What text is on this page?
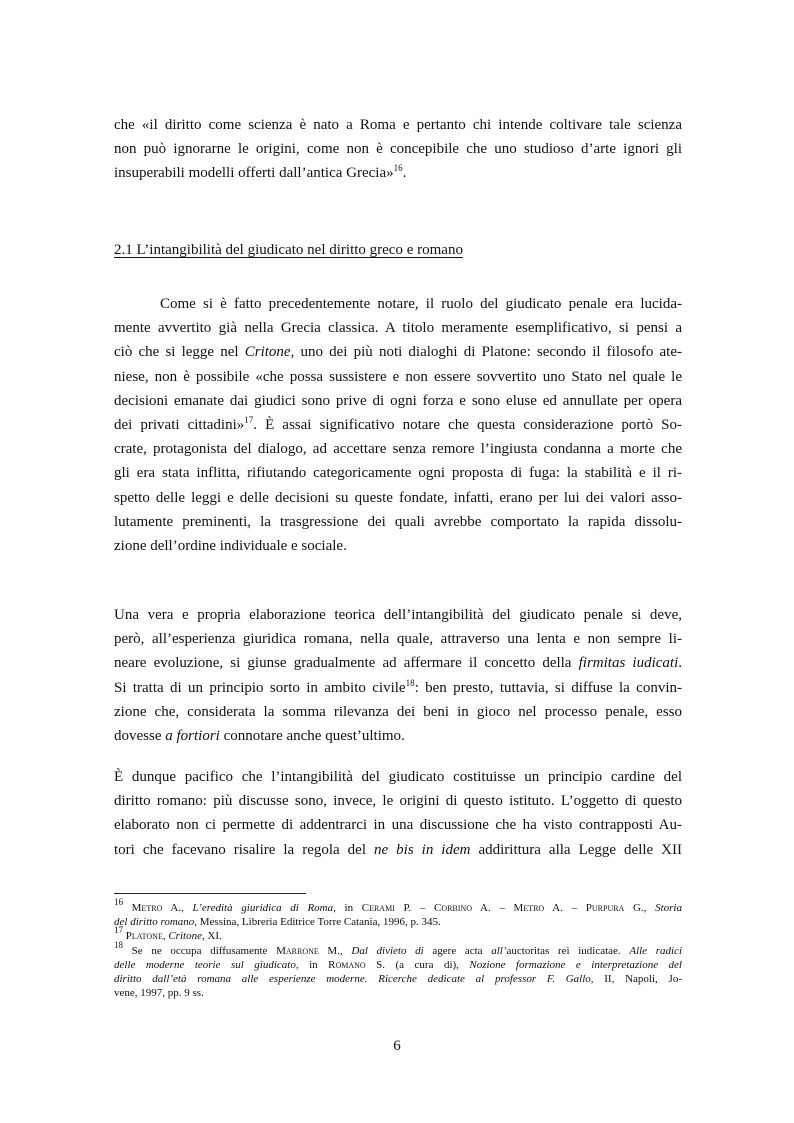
che «il diritto come scienza è nato a Roma e pertanto chi intende coltivare tale scienza
non può ignorarne le origini, come non è concepibile che uno studioso d’arte ignori gli
insuperabili modelli offerti dall’antica Grecia»$^{16}$.
2.1 L’intangibilità del giudicato nel diritto greco e romano
Come si è fatto precedentemente notare, il ruolo del giudicato penale era lucida-
mente avvertito già nella Grecia classica. A titolo meramente esemplificativo, si pensi a
ciò che si legge nel Critone, uno dei più noti dialoghi di Platone: secondo il filosofo ate-
niese, non è possibile «che possa sussistere e non essere sovvertito uno Stato nel quale le
decisioni emanate dai giudici sono prive di ogni forza e sono eluse ed annullate per opera
dei privati cittadini»$^{17}$. È assai significativo notare che questa considerazione portò So-
crate, protagonista del dialogo, ad accettare senza remore l’ingiusta condanna a morte che
gli era stata inflitta, rifiutando categoricamente ogni proposta di fuga: la stabilità e il ri-
spetto delle leggi e delle decisioni su queste fondate, infatti, erano per lui dei valori asso-
lutamente preminenti, la trasgressione dei quali avrebbe comportato la rapida dissolu-
zione dell’ordine individuale e sociale.
Una vera e propria elaborazione teorica dell’intangibilità del giudicato penale si deve,
però, all’esperienza giuridica romana, nella quale, attraverso una lenta e non sempre li-
neare evoluzione, si giunse gradualmente ad affermare il concetto della firmitas iudicati.
Si tratta di un principio sorto in ambito civile$^{18}$: ben presto, tuttavia, si diffuse la convin-
zione che, considerata la somma rilevanza dei beni in gioco nel processo penale, esso
dovesse a fortiori connotare anche quest’ultimo.
È dunque pacifico che l’intangibilità del giudicato costituisse un principio cardine del
diritto romano: più discusse sono, invece, le origini di questo istituto. L’oggetto di questo
elaborato non ci permette di addentrarci in una discussione che ha visto contrapposti Au-
tori che facevano risalire la regola del ne bis in idem addirittura alla Legge delle XII
$^{16}$ Metro A., L’eredità giuridica di Roma, in Cerami P. – Corbino A. – Metro A. – Purpura G., Storia
del diritto romano, Messina, Libreria Editrice Torre Catania, 1996, p. 345.
$^{17}$ Platone, Critone, XI.
$^{18}$ Se ne occupa diffusamente Marrone M., Dal divieto di agere acta all’auctoritas rei iudicatae. Alle radici
delle moderne teorie sul giudicato, in Romano S. (a cura di), Nozione formazione e interpretazione del
diritto dall’età romana alle esperienze moderne. Ricerche dedicate al professor F. Gallo, II, Napoli, Jo-
vene, 1997, pp. 9 ss.
6
